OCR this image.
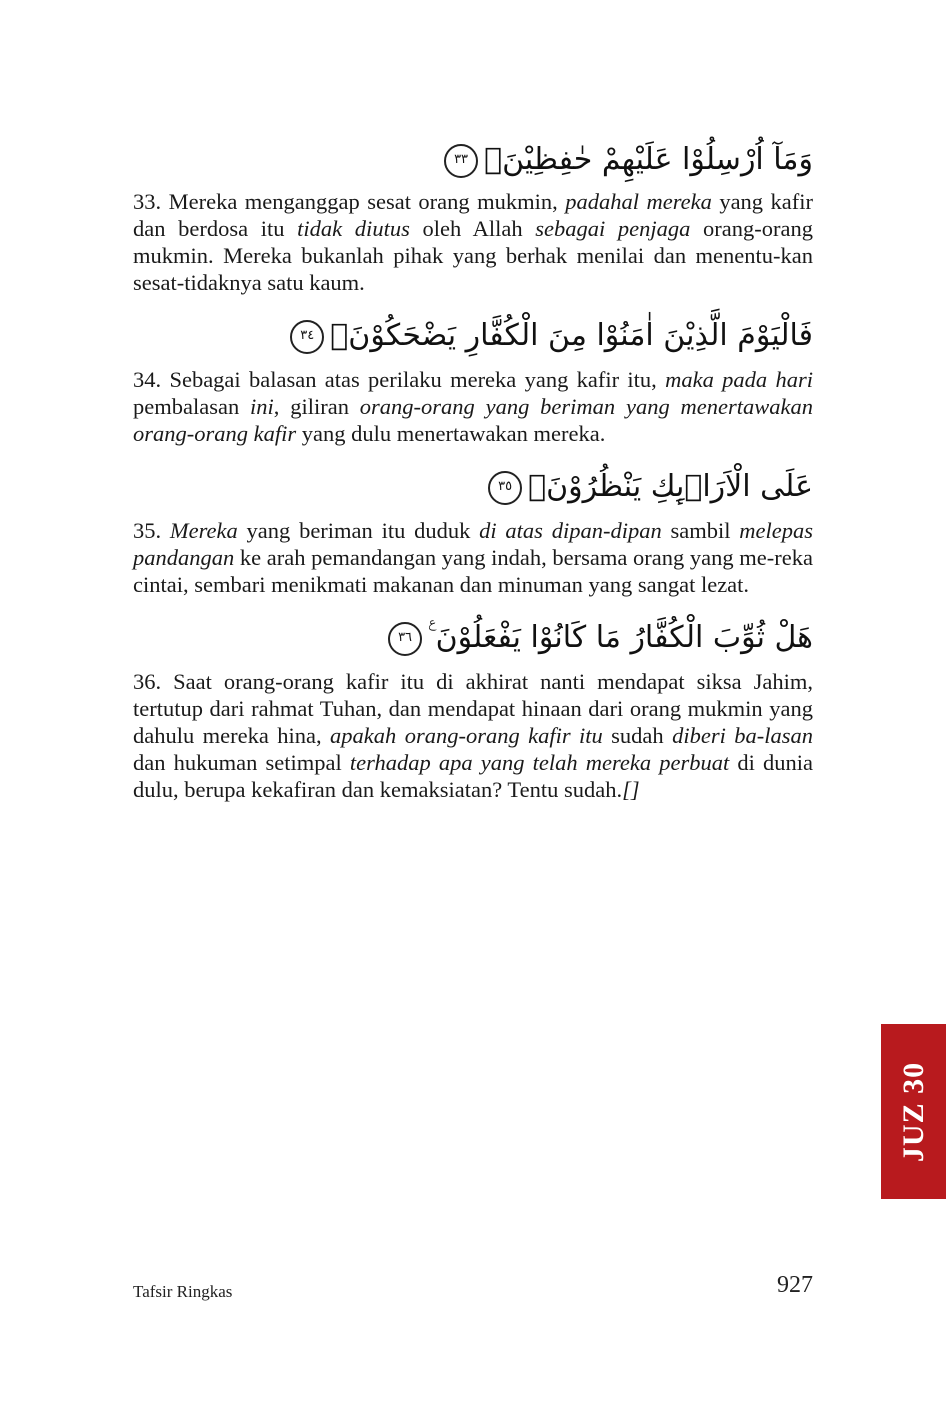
وَمَآ اُرْسِلُوْا عَلَيْهِمْ حٰفِظِيْنَۗ٣٣

33. Mereka menganggap sesat orang mukmin, padahal mereka yang kafir dan berdosa itu tidak diutus oleh Allah sebagai penjaga orang-orang mukmin. Mereka bukanlah pihak yang berhak menilai dan menentu-kan sesat-tidaknya satu kaum.

فَالْيَوْمَ الَّذِيْنَ اٰمَنُوْا مِنَ الْكُفَّارِ يَضْحَكُوْنَۙ٣٤

34. Sebagai balasan atas perilaku mereka yang kafir itu, maka pada hari pembalasan ini, giliran orang-orang yang beriman yang menertawakan orang-orang kafir yang dulu menertawakan mereka.

عَلَى الْاَرَاۤىِٕكِ يَنْظُرُوْنَۗ٣٥

35. Mereka yang beriman itu duduk di atas dipan-dipan sambil melepas pandangan ke arah pemandangan yang indah, bersama orang yang me-reka cintai, sembari menikmati makanan dan minuman yang sangat lezat.

هَلْ ثُوِّبَ الْكُفَّارُ مَا كَانُوْا يَفْعَلُوْنَ ࣖ٣٦

36. Saat orang-orang kafir itu di akhirat nanti mendapat siksa Jahim, tertutup dari rahmat Tuhan, dan mendapat hinaan dari orang mukmin yang dahulu mereka hina, apakah orang-orang kafir itu sudah diberi ba-lasan dan hukuman setimpal terhadap apa yang telah mereka perbuat di dunia dulu, berupa kekafiran dan kemaksiatan? Tentu sudah.[]

JUZ 30
Tafsir Ringkas	927
